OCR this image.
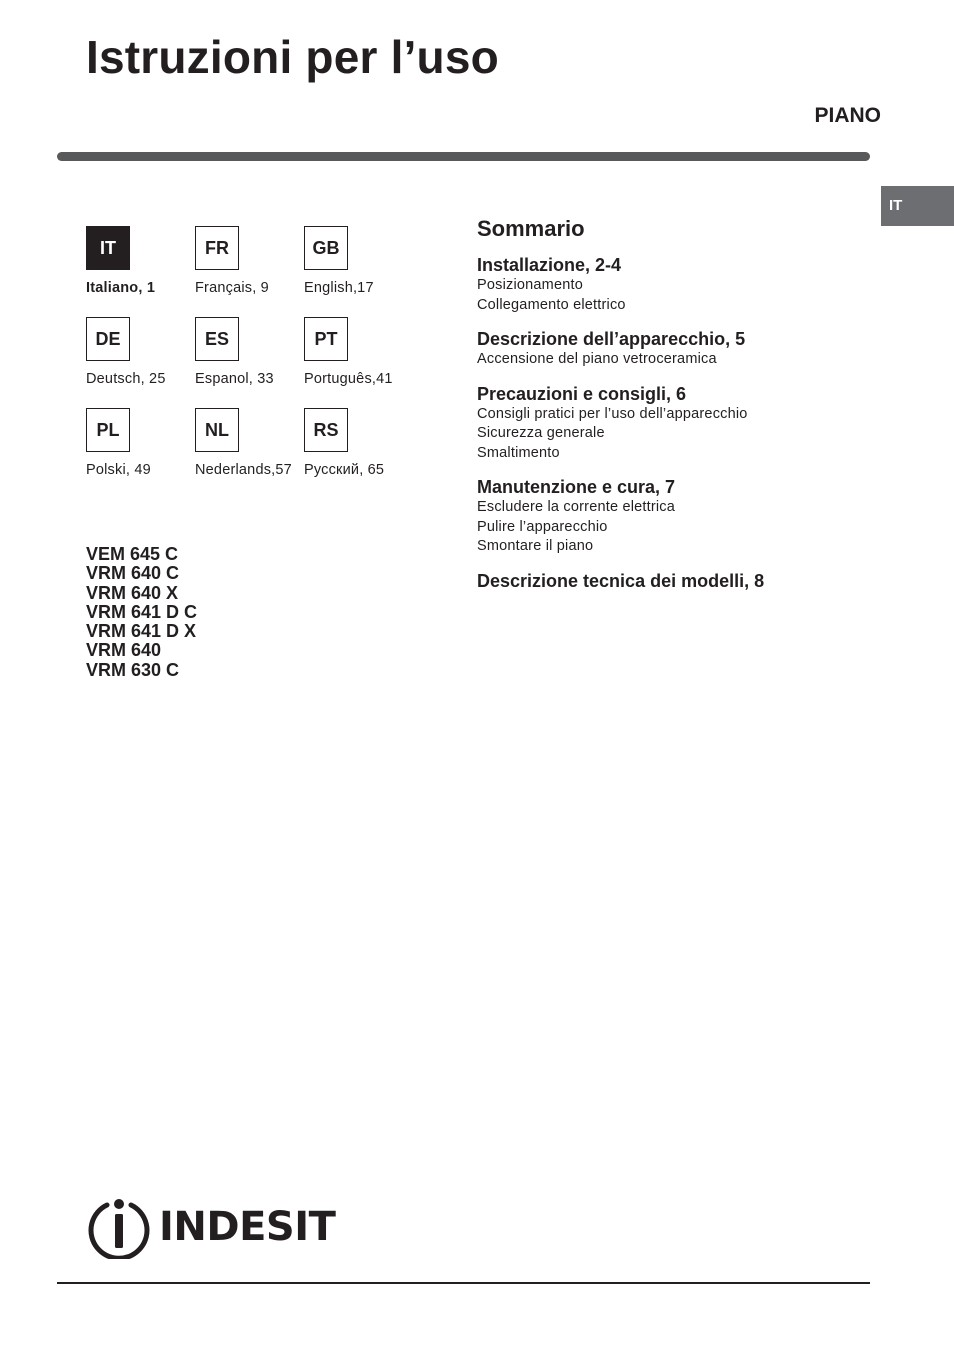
Istruzioni per l’uso
PIANO
IT
IT
Italiano, 1
FR
Français, 9
GB
English,17
DE
Deutsch, 25
ES
Espanol, 33
PT
Português,41
PL
Polski, 49
NL
Nederlands,57
RS
Русский, 65
VEM 645 C
VRM 640 C
VRM 640 X
VRM 641 D C
VRM 641 D X
VRM 640
VRM 630 C
Sommario
Installazione, 2-4
Posizionamento
Collegamento elettrico
Descrizione dell’apparecchio, 5
Accensione del piano vetroceramica
Precauzioni e consigli, 6
Consigli pratici per l’uso dell’apparecchio
Sicurezza generale
Smaltimento
Manutenzione e cura, 7
Escludere la corrente elettrica
Pulire l’apparecchio
Smontare il piano
Descrizione tecnica dei modelli, 8
INDESIT
